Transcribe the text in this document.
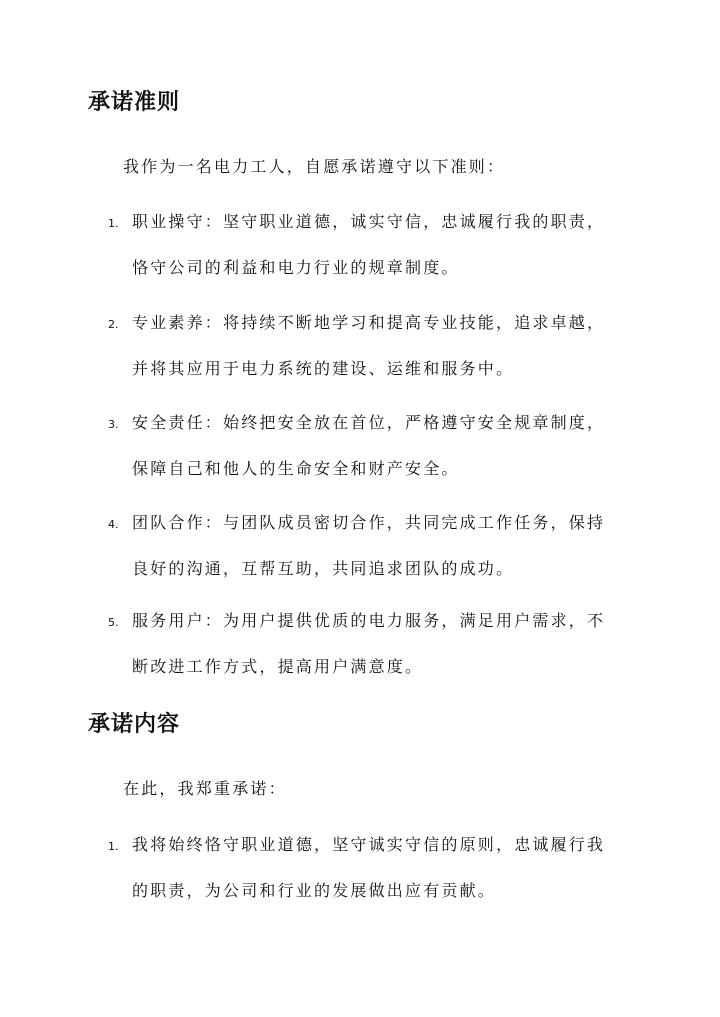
承诺准则

我作为一名电力工人，自愿承诺遵守以下准则：

1. 职业操守：坚守职业道德，诚实守信，忠诚履行我的职责，
恪守公司的利益和电力行业的规章制度。
2. 专业素养：将持续不断地学习和提高专业技能，追求卓越，
并将其应用于电力系统的建设、运维和服务中。
3. 安全责任：始终把安全放在首位，严格遵守安全规章制度，
保障自己和他人的生命安全和财产安全。
4. 团队合作：与团队成员密切合作，共同完成工作任务，保持
良好的沟通，互帮互助，共同追求团队的成功。
5. 服务用户：为用户提供优质的电力服务，满足用户需求，不
断改进工作方式，提高用户满意度。
承诺内容

在此，我郑重承诺：

1. 我将始终恪守职业道德，坚守诚实守信的原则，忠诚履行我
的职责，为公司和行业的发展做出应有贡献。
